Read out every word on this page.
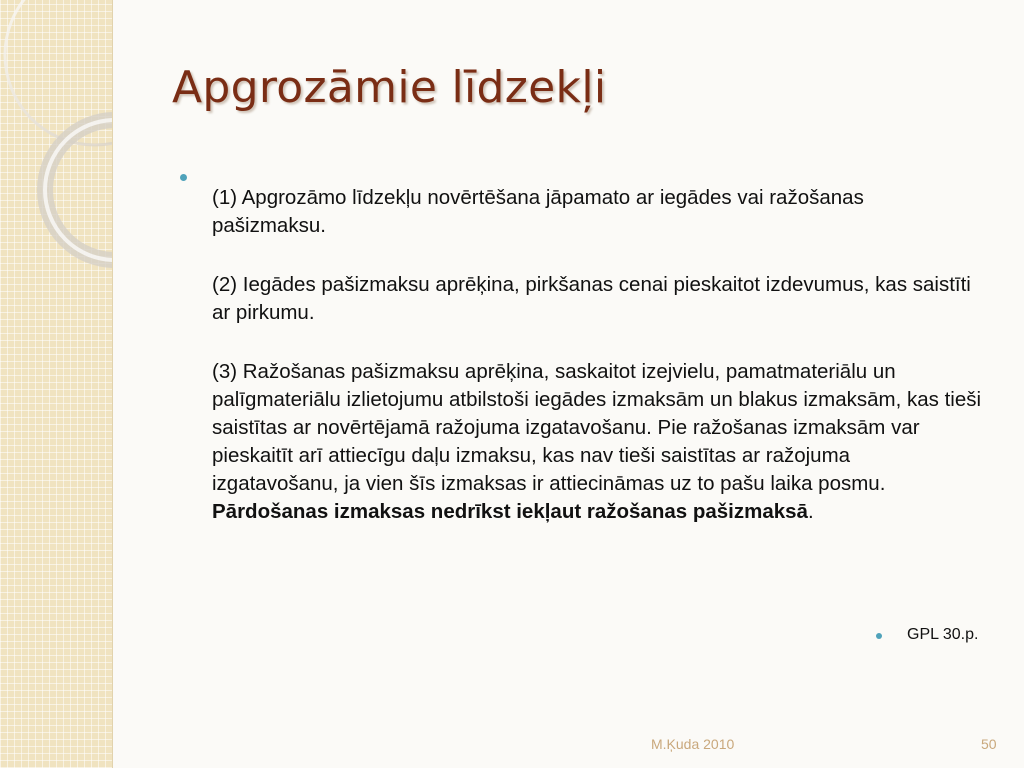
Apgrozāmie līdzekļi

(1) Apgrozāmo līdzekļu novērtēšana jāpamato ar iegādes vai ražošanas pašizmaksu.

(2) Iegādes pašizmaksu aprēķina, pirkšanas cenai pieskaitot izdevumus, kas saistīti ar pirkumu.

(3) Ražošanas pašizmaksu aprēķina, saskaitot izejvielu, pamatmateriālu un palīgmateriālu izlietojumu atbilstoši iegādes izmaksām un blakus izmaksām, kas tieši saistītas ar novērtējamā ražojuma izgatavošanu. Pie ražošanas izmaksām var pieskaitīt arī attiecīgu daļu izmaksu, kas nav tieši saistītas ar ražojuma izgatavošanu, ja vien šīs izmaksas ir attiecināmas uz to pašu laika posmu. Pārdošanas izmaksas nedrīkst iekļaut ražošanas pašizmaksā.

GPL 30.p.
M.Ķuda 2010	50
